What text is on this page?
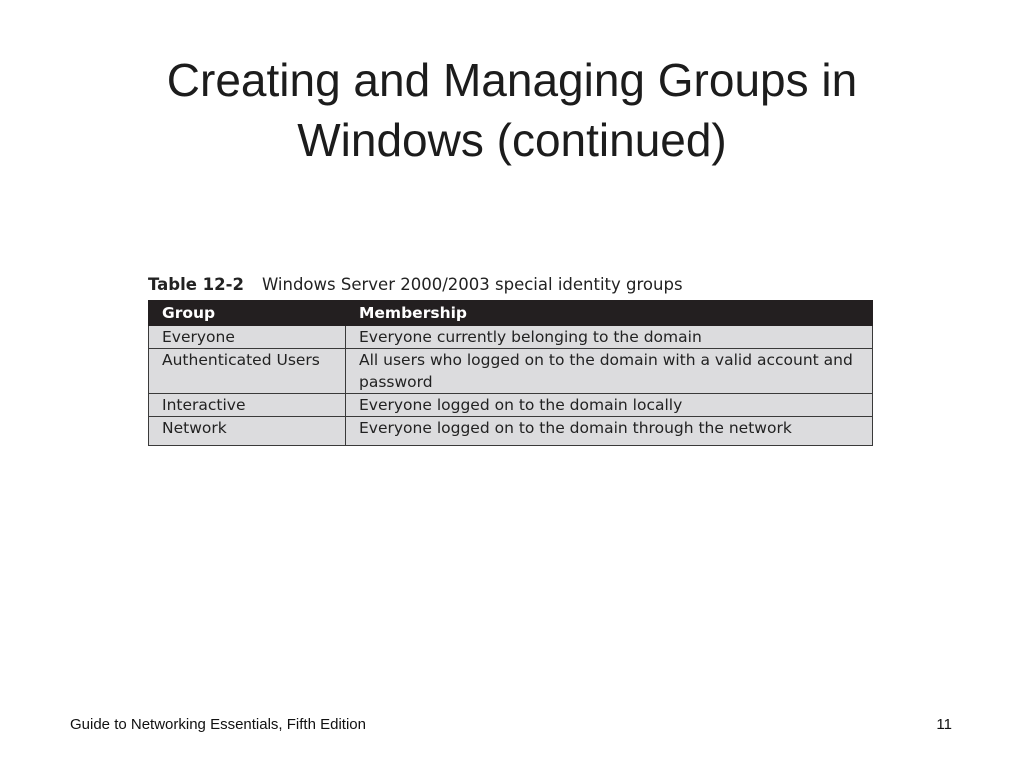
Creating and Managing Groups in
Windows (continued)
Table 12-2 Windows Server 2000/2003 special identity groups
Group	Membership
Everyone	Everyone currently belonging to the domain
Authenticated Users	All users who logged on to the domain with a valid account and password
Interactive	Everyone logged on to the domain locally
Network	Everyone logged on to the domain through the network
Guide to Networking Essentials, Fifth Edition	11
